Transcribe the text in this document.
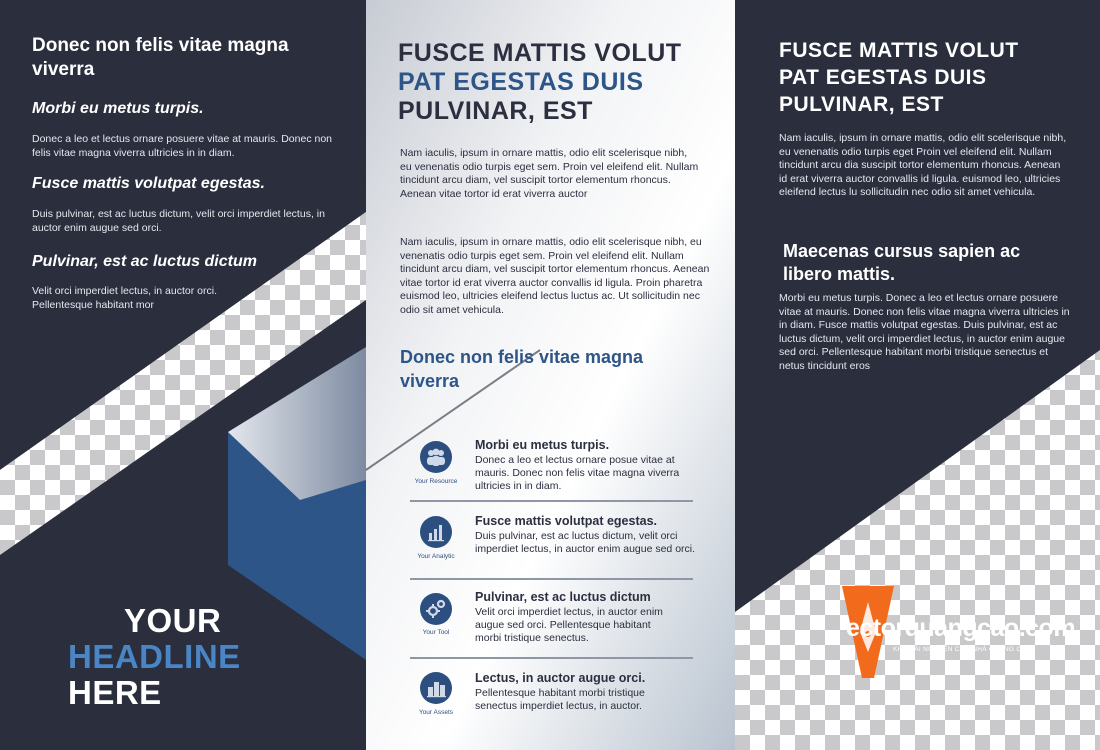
Donec non felis vitae magna viverra
Morbi eu metus turpis.
Donec a leo et lectus ornare posuere vitae at mauris. Donec non felis vitae magna viverra ultricies in in diam.
Fusce mattis volutpat egestas.
Duis pulvinar, est ac luctus dictum, velit orci imperdiet lectus, in auctor enim augue sed orci.
Pulvinar, est ac luctus dictum
Velit orci imperdiet lectus, in auctor orci. Pellentesque habitant mor
YOUR
HEADLINE
HERE
FUSCE MATTIS VOLUT
PAT EGESTAS DUIS
PULVINAR, EST
Nam iaculis, ipsum in ornare mattis, odio elit scelerisque nibh, eu venenatis odio turpis eget sem. Proin vel eleifend elit. Nullam tincidunt arcu diam, vel suscipit tortor elementum rhoncus. Aenean vitae tortor id erat viverra auctor
Nam iaculis, ipsum in ornare mattis, odio elit scelerisque nibh, eu venenatis odio turpis eget sem. Proin vel eleifend elit. Nullam tincidunt arcu diam, vel suscipit tortor elementum rhoncus. Aenean vitae tortor id erat viverra auctor convallis id ligula. Proin pharetra euismod leo, ultricies eleifend lectus luctus ac. Ut sollicitudin nec odio sit amet vehicula.
Donec non felis vitae magna viverra
Your Resource
Morbi eu metus turpis.
Donec a leo et lectus ornare posue vitae at mauris. Donec non felis vitae magna viverra ultricies in in diam.
Your Analytic
Fusce mattis volutpat egestas.
Duis pulvinar, est ac luctus dictum, velit orci imperdiet lectus, in auctor enim augue sed orci.
Your Tool
Pulvinar, est ac luctus dictum
Velit orci imperdiet lectus, in auctor enim augue sed orci. Pellentesque habitant morbi tristique senectus.
Your Assets
Lectus, in auctor augue orci.
Pellentesque habitant morbi tristique senectus imperdiet lectus, in auctor.
FUSCE MATTIS VOLUT
PAT EGESTAS DUIS
PULVINAR, EST
Nam iaculis, ipsum in ornare mattis, odio elit scelerisque nibh, eu venenatis odio turpis eget Proin vel eleifend elit. Nullam tincidunt arcu dia suscipit tortor elementum rhoncus. Aenean id erat viverra auctor convallis id ligula. euismod leo, ultricies eleifend lectus lu sollicitudin nec odio sit amet vehicula.
Maecenas cursus sapien ac libero mattis.
Morbi eu metus turpis. Donec a leo et lectus ornare posuere vitae at mauris. Donec non felis vitae magna viverra ultricies in in diam. Fusce mattis volutpat egestas. Duis pulvinar, est ac luctus dictum, velit orci imperdiet lectus, in auctor enim augue sed orci. Pellentesque habitant morbi tristique senectus et netus tincidunt eros
ectorquangcao.com
KHO TÀI NGUYÊN CHO NHÀ QUẢNG CÁO
